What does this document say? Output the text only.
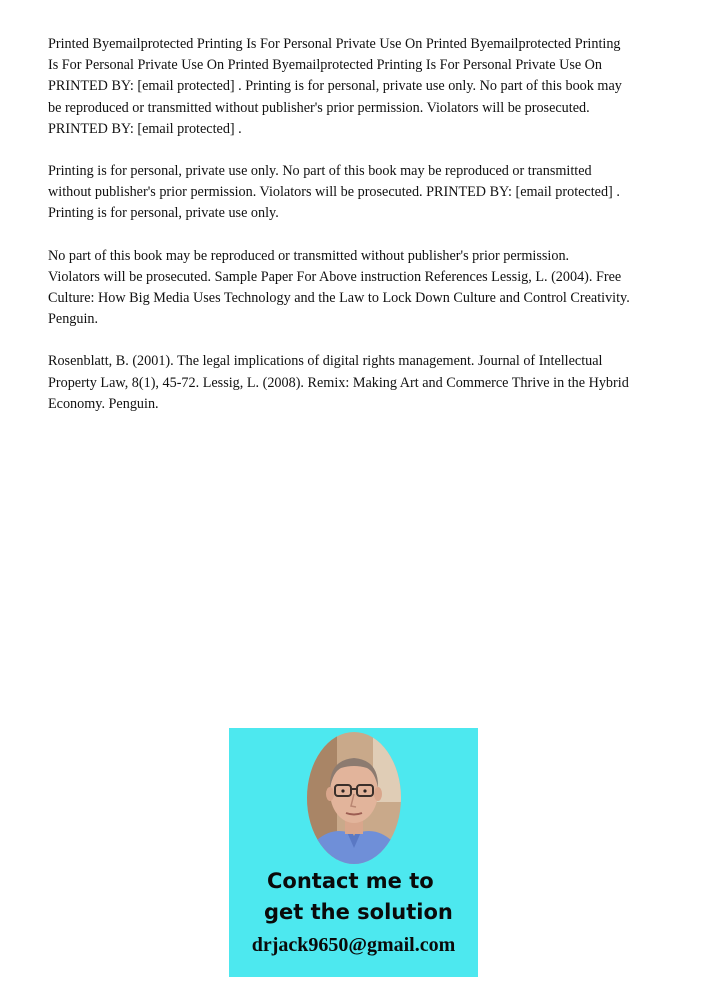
Printed Byemailprotected Printing Is For Personal Private Use On Printed Byemailprotected Printing
Is For Personal Private Use On Printed Byemailprotected Printing Is For Personal Private Use On
PRINTED BY: [email protected] . Printing is for personal, private use only. No part of this book may
be reproduced or transmitted without publisher's prior permission. Violators will be prosecuted.
PRINTED BY: [email protected] .

Printing is for personal, private use only. No part of this book may be reproduced or transmitted
without publisher's prior permission. Violators will be prosecuted. PRINTED BY: [email protected] .
Printing is for personal, private use only.

No part of this book may be reproduced or transmitted without publisher's prior permission.
Violators will be prosecuted. Sample Paper For Above instruction References Lessig, L. (2004). Free
Culture: How Big Media Uses Technology and the Law to Lock Down Culture and Control Creativity.
Penguin.

Rosenblatt, B. (2001). The legal implications of digital rights management. Journal of Intellectual
Property Law, 8(1), 45-72. Lessig, L. (2008). Remix: Making Art and Commerce Thrive in the Hybrid
Economy. Penguin.

Contact me to
get the solution
drjack9650@gmail.com
